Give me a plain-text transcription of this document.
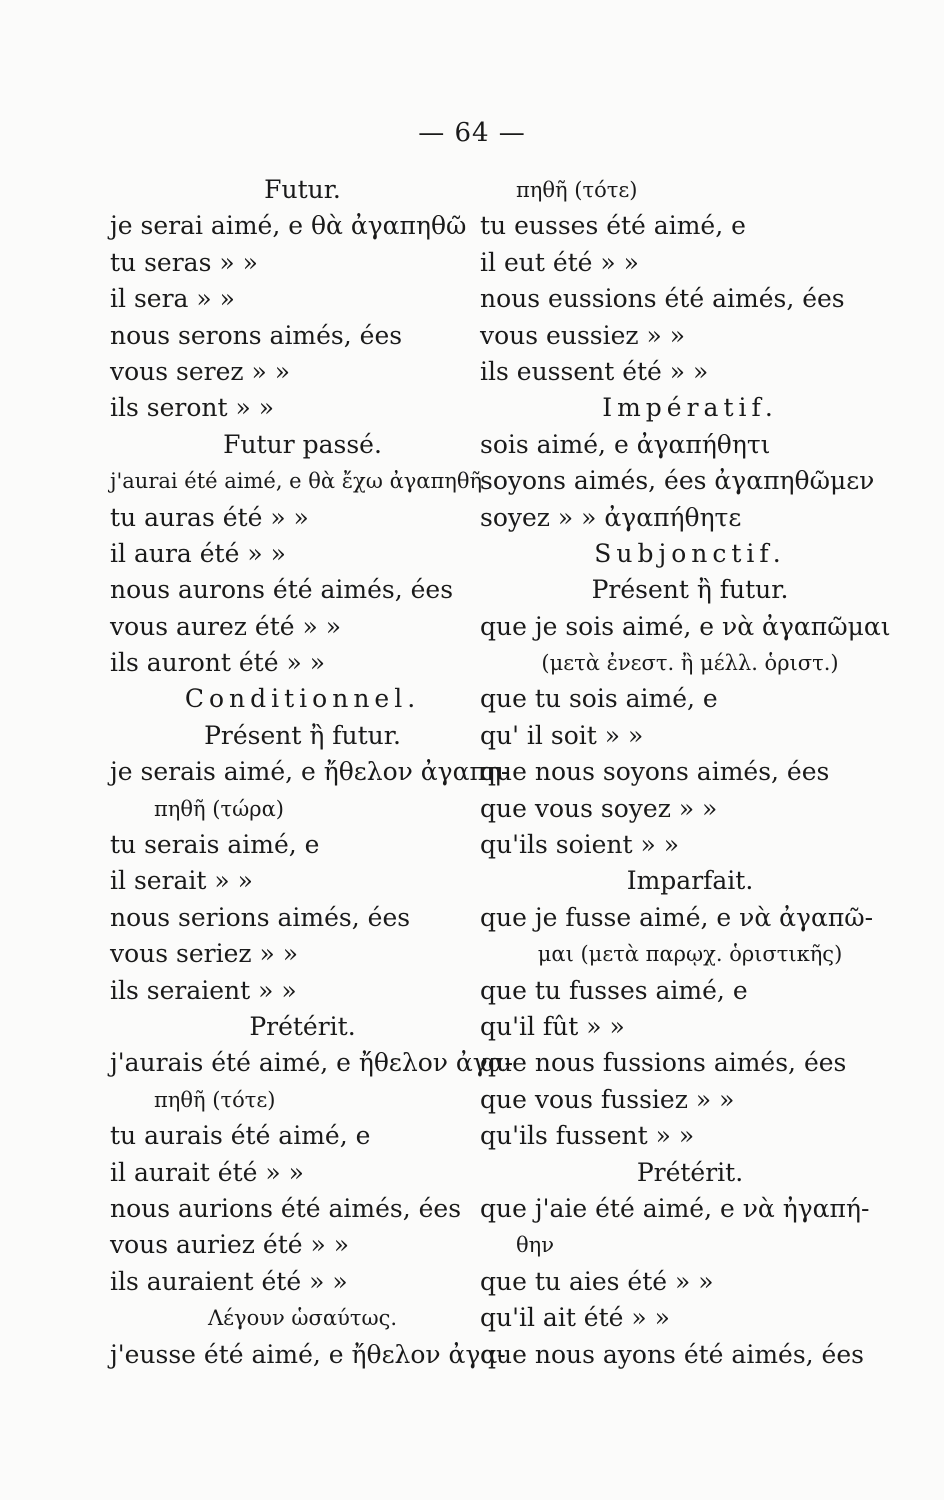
— 64 —
Futur.
je serai aimé, e θὰ ἀγαπηθῶ
tu seras » »
il sera » »
nous serons aimés, ées
vous serez » »
ils seront » »
Futur passé.
j'aurai été aimé, e θὰ ἔχω ἀγαπηθῆ
tu auras été » »
il aura été » »
nous aurons été aimés, ées
vous aurez été » »
ils auront été » »
Conditionnel.
Présent ἢ futur.
je serais aimé, e ἤθελον ἀγαπη-
πηθῆ (τώρα)
tu serais aimé, e
il serait » »
nous serions aimés, ées
vous seriez » »
ils seraient » »
Prétérit.
j'aurais été aimé, e ἤθελον ἀγα-
πηθῆ (τότε)
tu aurais été aimé, e
il aurait été » »
nous aurions été aimés, ées
vous auriez été » »
ils auraient été » »
Λέγουν ὡσαύτως.
j'eusse été aimé, e ἤθελον ἀγα-
πηθῆ (τότε)
tu eusses été aimé, e
il eut été » »
nous eussions été aimés, ées
vous eussiez » »
ils eussent été » »
Impératif.
sois aimé, e ἀγαπήθητι
soyons aimés, ées ἀγαπηθῶμεν
soyez » » ἀγαπήθητε
Subjonctif.
Présent ἢ futur.
que je sois aimé, e νὰ ἀγαπῶμαι
(μετὰ ἐνεστ. ἢ μέλλ. ὁριστ.)
que tu sois aimé, e
qu' il soit » »
que nous soyons aimés, ées
que vous soyez » »
qu'ils soient » »
Imparfait.
que je fusse aimé, e νὰ ἀγαπῶ-
μαι (μετὰ παρῳχ. ὁριστικῆς)
que tu fusses aimé, e
qu'il fût » »
que nous fussions aimés, ées
que vous fussiez » »
qu'ils fussent » »
Prétérit.
que j'aie été aimé, e νὰ ἠγαπή-
θην
que tu aies été » »
qu'il ait été » »
que nous ayons été aimés, ées
